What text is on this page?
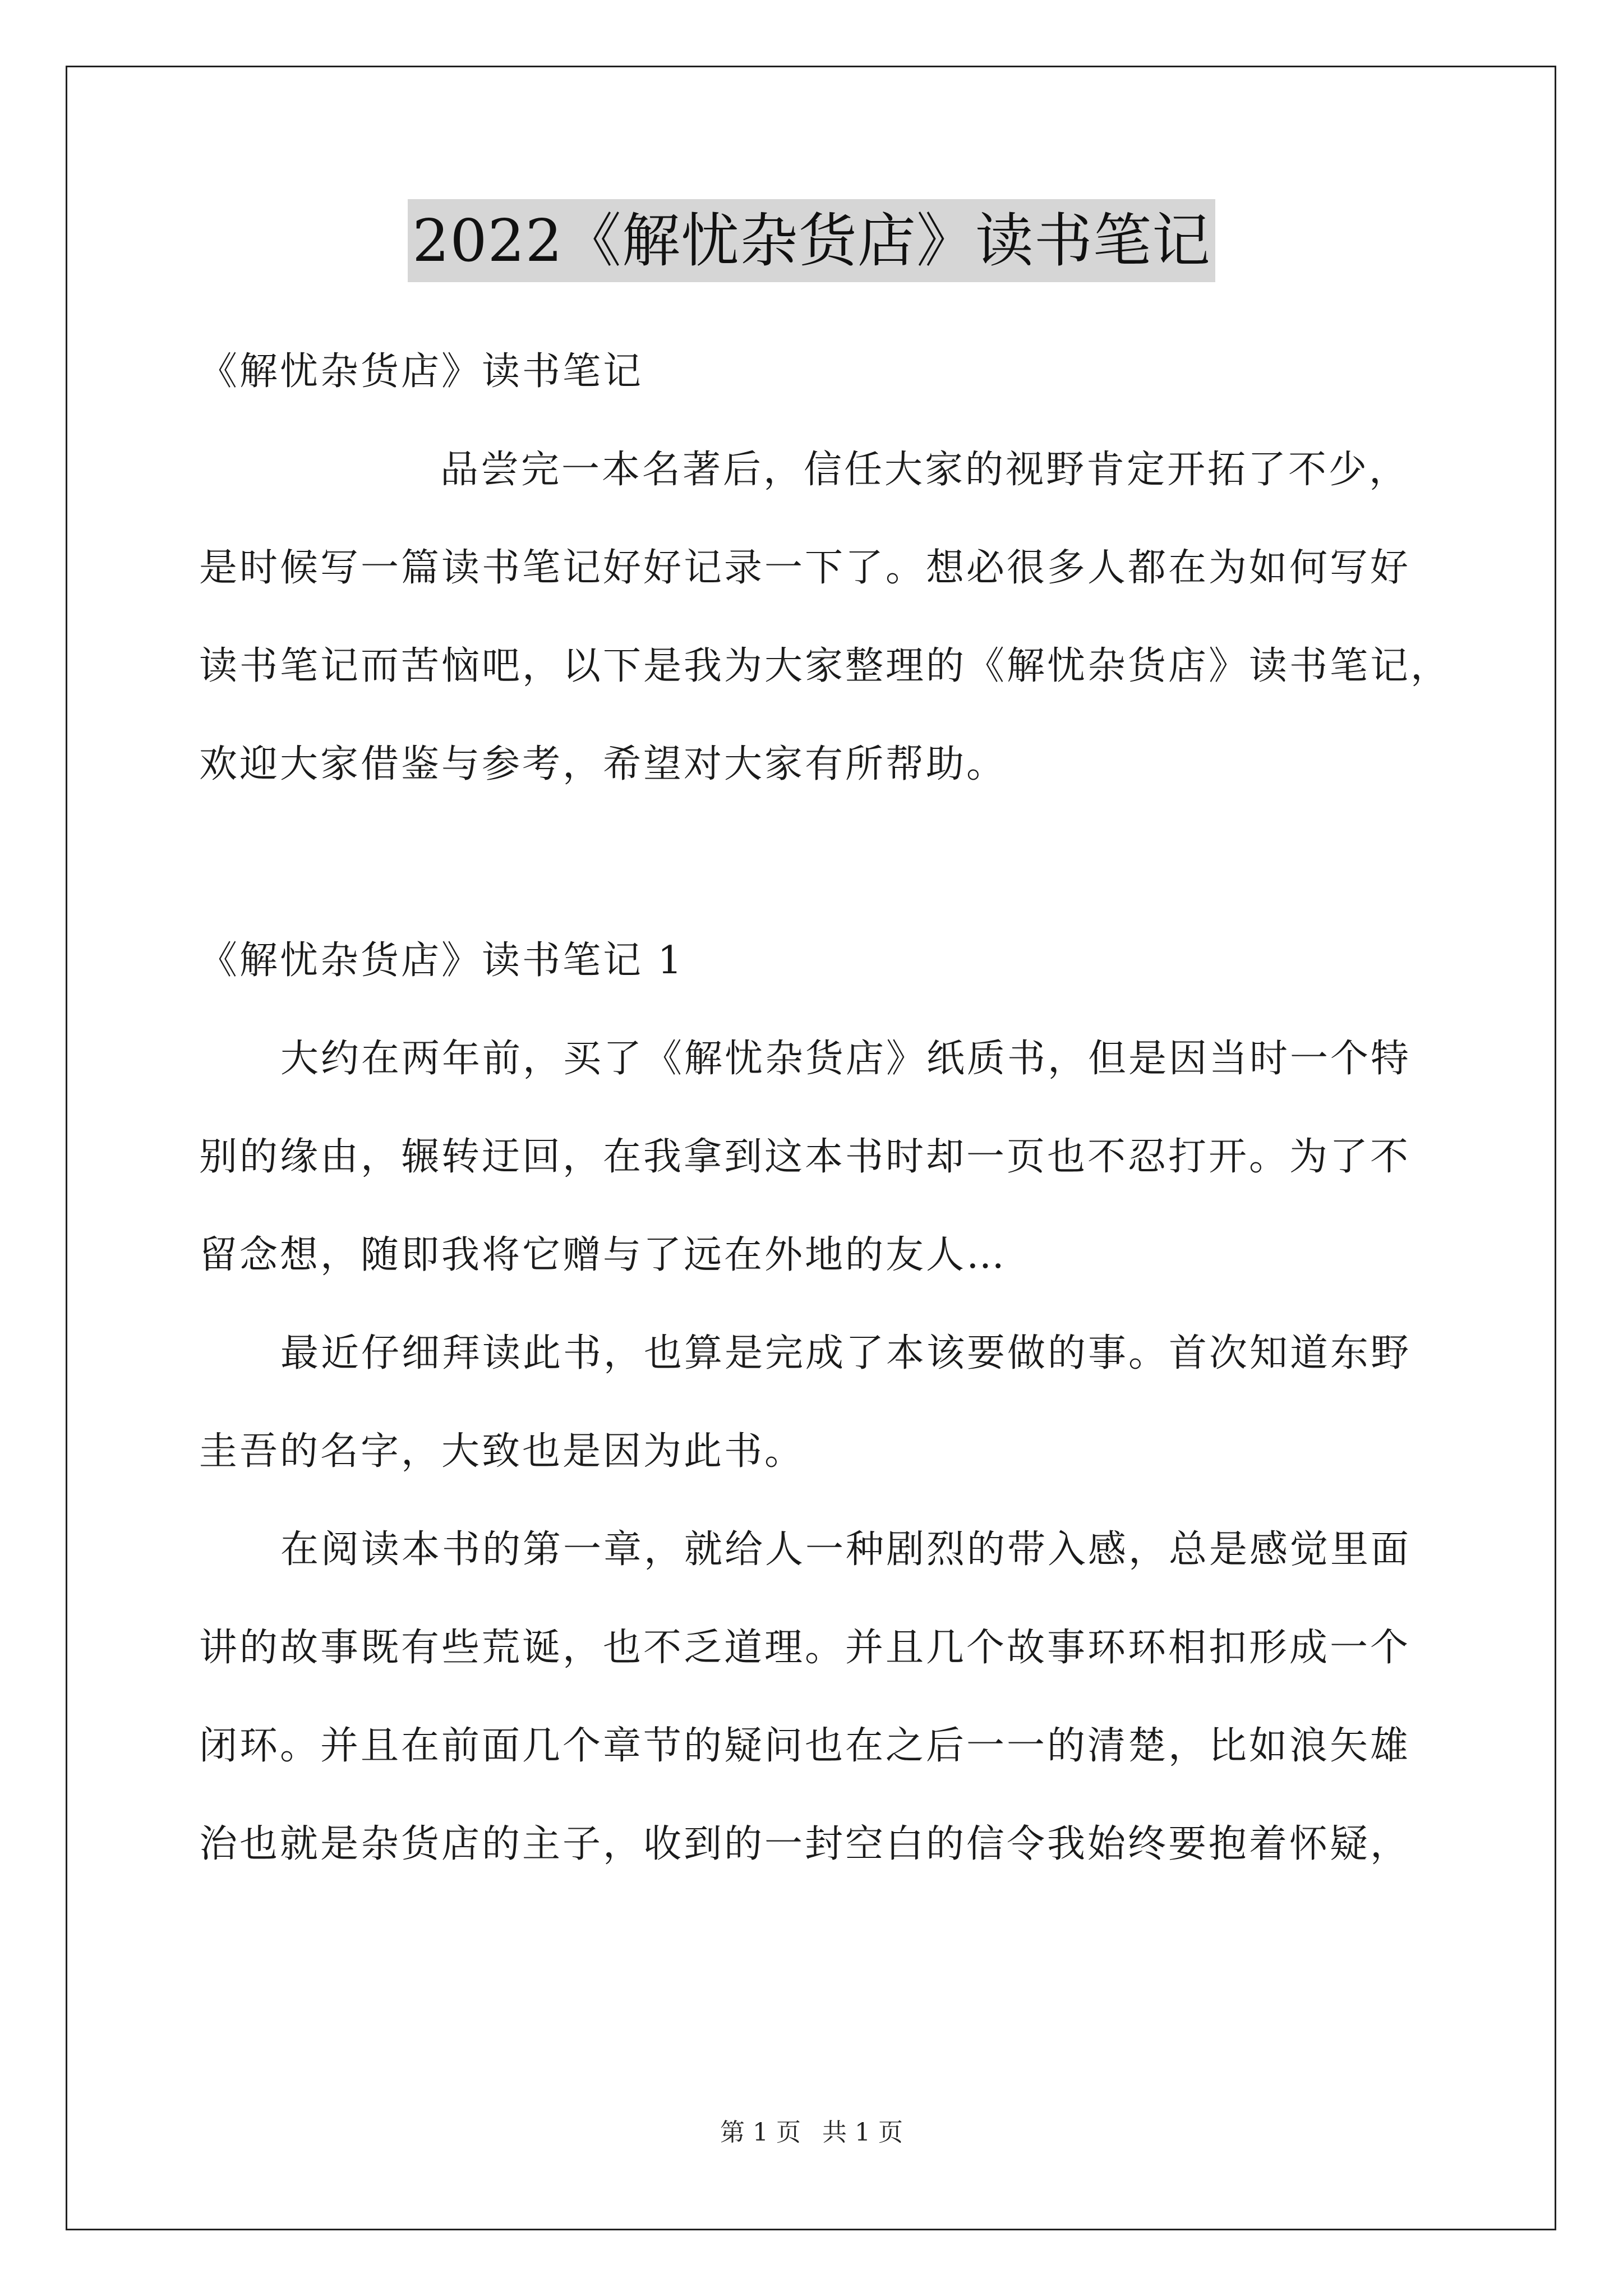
2022《解忧杂货店》读书笔记
《解忧杂货店》读书笔记
品尝完一本名著后，信任大家的视野肯定开拓了不少，
是时候写一篇读书笔记好好记录一下了。想必很多人都在为如何写好
读书笔记而苦恼吧，以下是我为大家整理的《解忧杂货店》读书笔记，
欢迎大家借鉴与参考，希望对大家有所帮助。
《解忧杂货店》读书笔记 1
大约在两年前，买了《解忧杂货店》纸质书，但是因当时一个特
别的缘由，辗转迂回，在我拿到这本书时却一页也不忍打开。为了不
留念想，随即我将它赠与了远在外地的友人…
最近仔细拜读此书，也算是完成了本该要做的事。首次知道东野
圭吾的名字，大致也是因为此书。
在阅读本书的第一章，就给人一种剧烈的带入感，总是感觉里面
讲的故事既有些荒诞，也不乏道理。并且几个故事环环相扣形成一个
闭环。并且在前面几个章节的疑问也在之后一一的清楚，比如浪矢雄
治也就是杂货店的主子，收到的一封空白的信令我始终要抱着怀疑，
第 1 页 共 1 页
